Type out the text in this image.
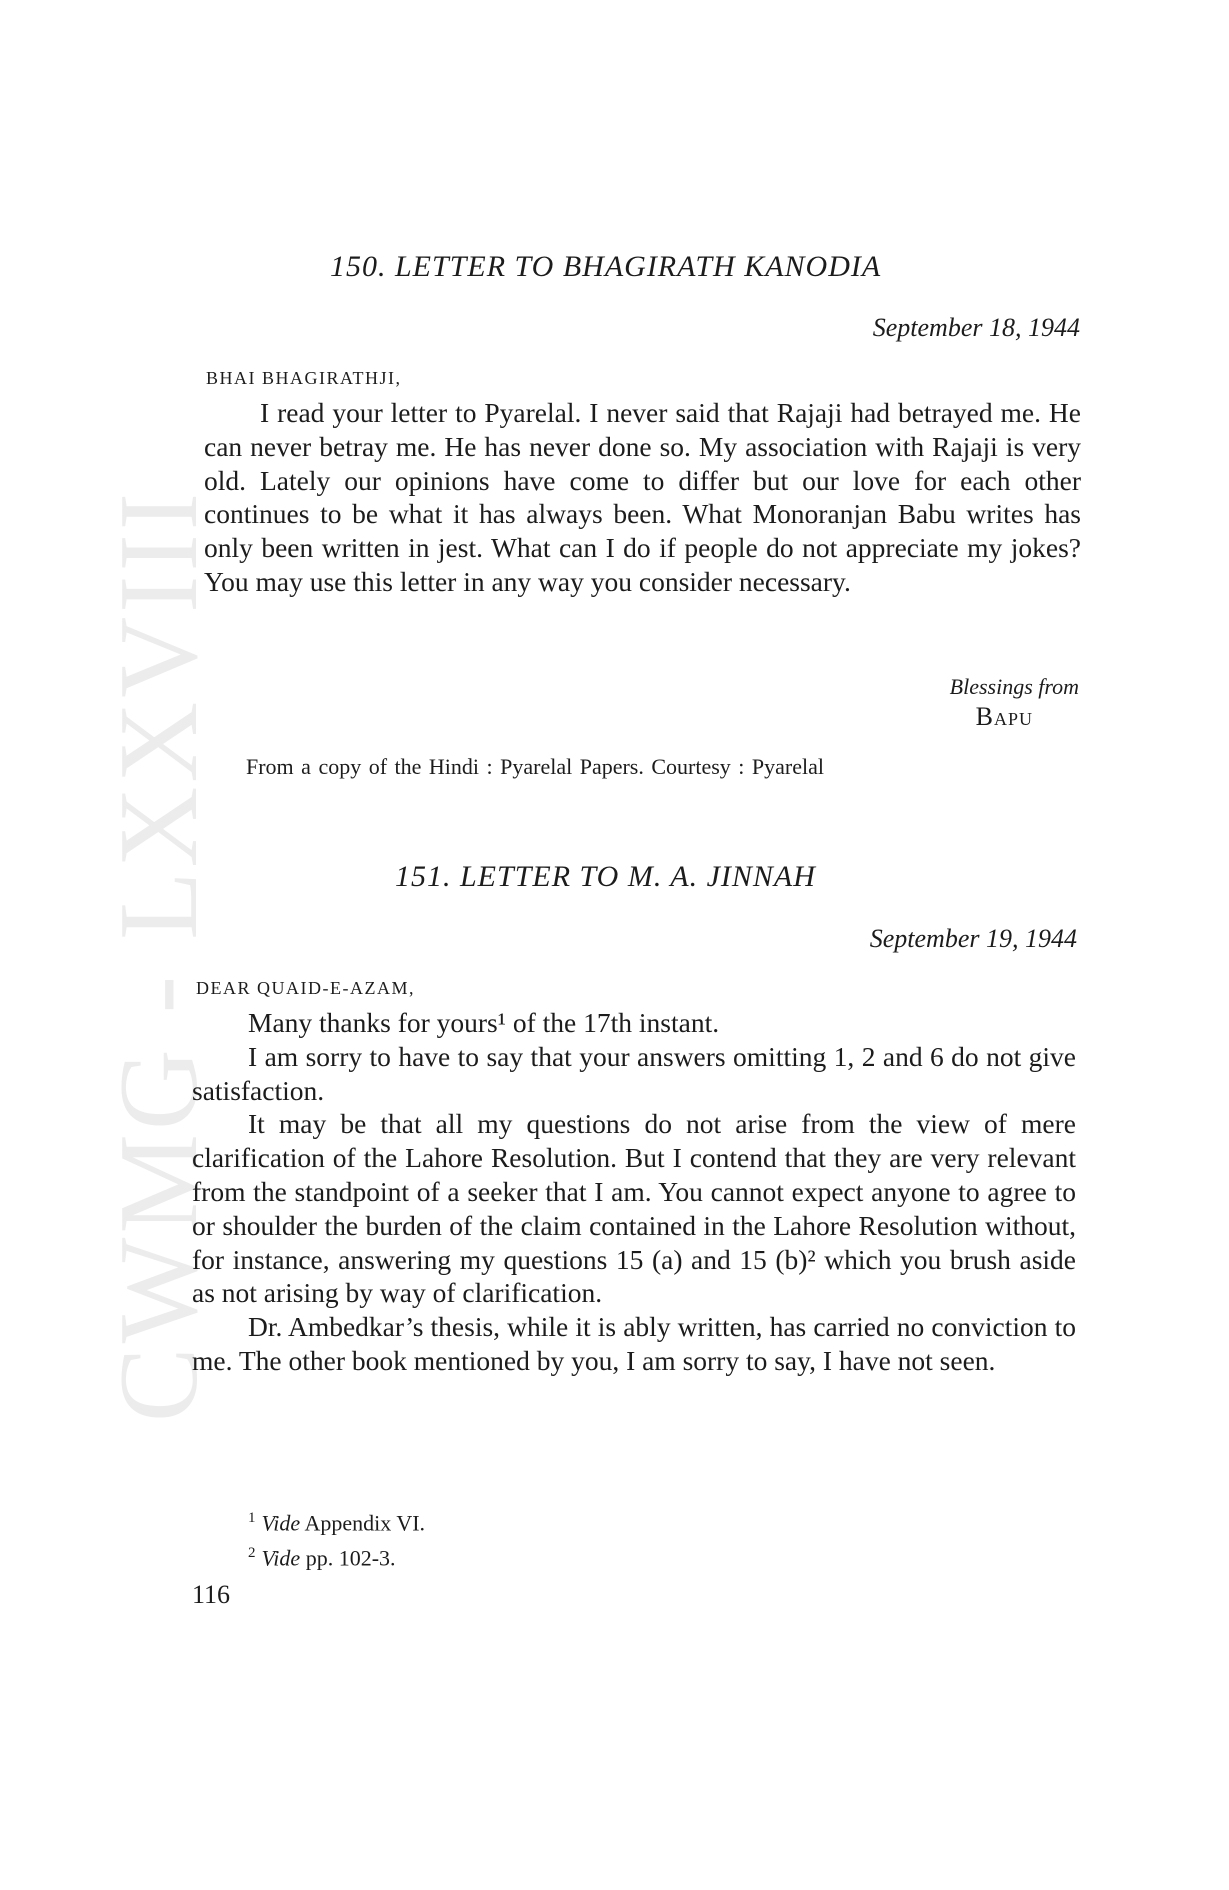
CWMG - LXXVIII
150. LETTER TO BHAGIRATH KANODIA
September 18, 1944
BHAI BHAGIRATHJI,

I read your letter to Pyarelal. I never said that Rajaji had betrayed me. He can never betray me. He has never done so. My association with Rajaji is very old. Lately our opinions have come to differ but our love for each other continues to be what it has always been. What Monoranjan Babu writes has only been written in jest. What can I do if people do not appreciate my jokes? You may use this letter in any way you consider necessary.

Blessings from
Bapu
From a copy of the Hindi : Pyarelal Papers. Courtesy : Pyarelal
151. LETTER TO M. A. JINNAH
September 19, 1944
DEAR QUAID-E-AZAM,

Many thanks for yours¹ of the 17th instant.

I am sorry to have to say that your answers omitting 1, 2 and 6 do not give satisfaction.

It may be that all my questions do not arise from the view of mere clarification of the Lahore Resolution. But I contend that they are very relevant from the standpoint of a seeker that I am. You cannot expect anyone to agree to or shoulder the burden of the claim contained in the Lahore Resolution without, for instance, answering my questions 15 (a) and 15 (b)² which you brush aside as not arising by way of clarification.

Dr. Ambedkar’s thesis, while it is ably written, has carried no conviction to me. The other book mentioned by you, I am sorry to say, I have not seen.

$^1$ Vide Appendix VI.
$^2$ Vide pp. 102-3.
116
